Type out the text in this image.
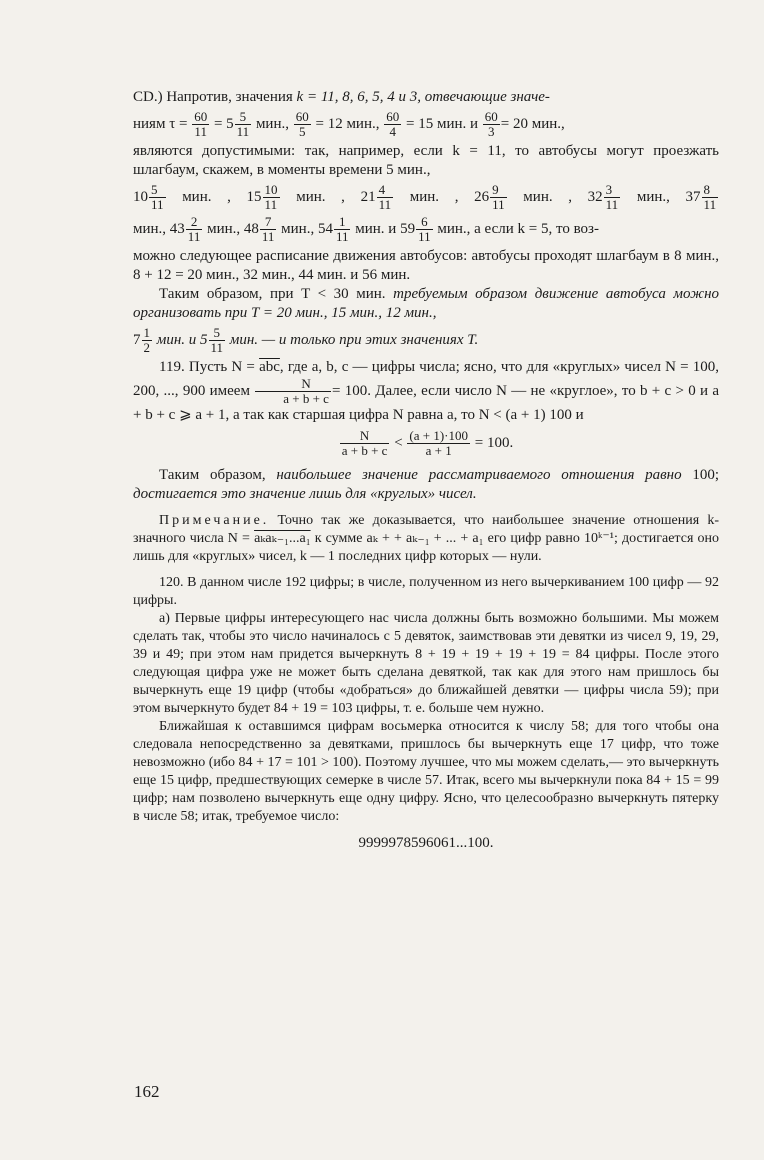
CD.) Напротив, значения k = 11, 8, 6, 5, 4 и 3, отвечающие значе-

ниям $\tau = \frac{60}{11} = 5 \frac{5}{11}$ мин., $\frac{60}{5} = 12$ мин., $\frac{60}{4} = 15$ мин. и $\frac{60}{3} = 20$ мин.,

являются допустимыми: так, например, если k = 11, то автобусы могут проезжать шлагбаум, скажем, в моменты времени 5 мин.,

$10 \frac{5}{11}$ мин. , $15 \frac{10}{11}$ мин. , $21 \frac{4}{11}$ мин. , $26 \frac{9}{11}$ мин. , $32 \frac{3}{11}$ мин., $37 \frac{8}{11}$

мин., $43 \frac{2}{11}$ мин., $48 \frac{7}{11}$ мин., $54 \frac{1}{11}$ мин. и $59 \frac{6}{11}$ мин., а если k = 5, то воз-

можно следующее расписание движения автобусов: автобусы проходят шлагбаум в 8 мин., 8 + 12 = 20 мин., 32 мин., 44 мин. и 56 мин.

Таким образом, при T < 30 мин. требуемым образом движение автобуса можно организовать при T = 20 мин., 15 мин., 12 мин.,

$7 \frac{1}{2}$ мин. и $5 \frac{5}{11}$ мин. — и только при этих значениях T.

119. Пусть $N = \overline{abc}$, где a, b, c — цифры числа; ясно, что для «круглых» чисел N = 100, 200, ..., 900 имеем $\frac{N}{a + b + c} = 100$. Далее, если число N — не «круглое», то b + c > 0 и a + b + c ⩾ a + 1, а так как старшая цифра N равна a, то N < (a + 1) 100 и

$\frac{N}{a + b + c} < \frac{(a + 1)\cdot 100}{a + 1} = 100$.

Таким образом, наибольшее значение рассматриваемого отношения равно 100; достигается это значение лишь для «круглых» чисел.

Примечание. Точно так же доказывается, что наибольшее значение отношения k-значного числа N = aₖaₖ₋₁...a₁ к сумме aₖ + + aₖ₋₁ + ... + a₁ его цифр равно 10ᵏ⁻¹; достигается оно лишь для «круглых» чисел, k — 1 последних цифр которых — нули.

120. В данном числе 192 цифры; в числе, полученном из него вычеркиванием 100 цифр — 92 цифры.

а) Первые цифры интересующего нас числа должны быть возможно большими. Мы можем сделать так, чтобы это число начиналось с 5 девяток, заимствовав эти девятки из чисел 9, 19, 29, 39 и 49; при этом нам придется вычеркнуть 8 + 19 + 19 + 19 + 19 = 84 цифры. После этого следующая цифра уже не может быть сделана девяткой, так как для этого нам пришлось бы вычеркнуть еще 19 цифр (чтобы «добраться» до ближайшей девятки — цифры числа 59); при этом вычеркнуто будет 84 + 19 = 103 цифры, т. е. больше чем нужно.

Ближайшая к оставшимся цифрам восьмерка относится к числу 58; для того чтобы она следовала непосредственно за девятками, пришлось бы вычеркнуть еще 17 цифр, что тоже невозможно (ибо 84 + 17 = 101 > 100). Поэтому лучшее, что мы можем сделать,— это вычеркнуть еще 15 цифр, предшествующих семерке в числе 57. Итак, всего мы вычеркнули пока 84 + 15 = 99 цифр; нам позволено вычеркнуть еще одну цифру. Ясно, что целесообразно вычеркнуть пятерку в числе 58; итак, требуемое число:

9999978596061...100.

162
